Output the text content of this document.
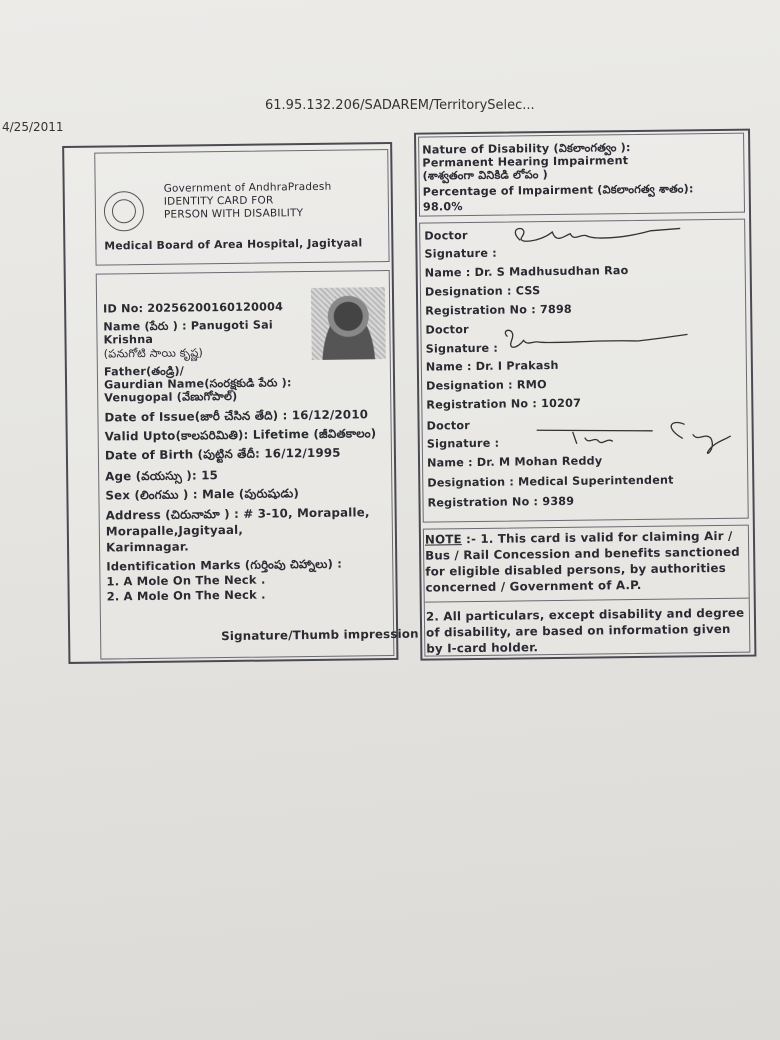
4/25/2011
61.95.132.206/SADAREM/TerritorySelec...
Government of AndhraPradesh
IDENTITY CARD FOR
PERSON WITH DISABILITY
Medical Board of Area Hospital, Jagityaal
ID No: 20256200160120004
Name (పేరు ) : Panugoti Sai
Krishna
(పనుగోటి సాయి కృష్ణ)
Father(తండ్రి)/
Gaurdian Name(సంరక్షకుడి పేరు ):
Venugopal (వేణుగోపాల్)
Date of Issue(జారీ చేసిన తేది) : 16/12/2010
Valid Upto(కాలపరిమితి): Lifetime (జీవితకాలం)
Date of Birth (పుట్టిన తేదీ: 16/12/1995
Age (వయస్సు ): 15
Sex (లింగము ) : Male (పురుషుడు)
Address (చిరునామా ) : # 3-10, Morapalle,
Morapalle,Jagityaal,
Karimnagar.
Identification Marks (గుర్తింపు చిహ్నాలు) :
1. A Mole On The Neck .
2. A Mole On The Neck .
Signature/Thumb impression
Nature of Disability (వికలాంగత్వం ):
Permanent Hearing Impairment
(శాశ్వతంగా వినికిడి లోపం )
Percentage of Impairment (వికలాంగత్వ శాతం):
98.0%
Doctor
Signature :
Name : Dr. S Madhusudhan Rao
Designation : CSS
Registration No : 7898
Doctor
Signature :
Name : Dr. I Prakash
Designation : RMO
Registration No : 10207
Doctor
Signature :
Name : Dr. M Mohan Reddy
Designation : Medical Superintendent
Registration No : 9389
NOTE :- 1. This card is valid for claiming Air /
Bus / Rail Concession and benefits sanctioned
for eligible disabled persons, by authorities
concerned / Government of A.P.
2. All particulars, except disability and degree
of disability, are based on information given
by I-card holder.
